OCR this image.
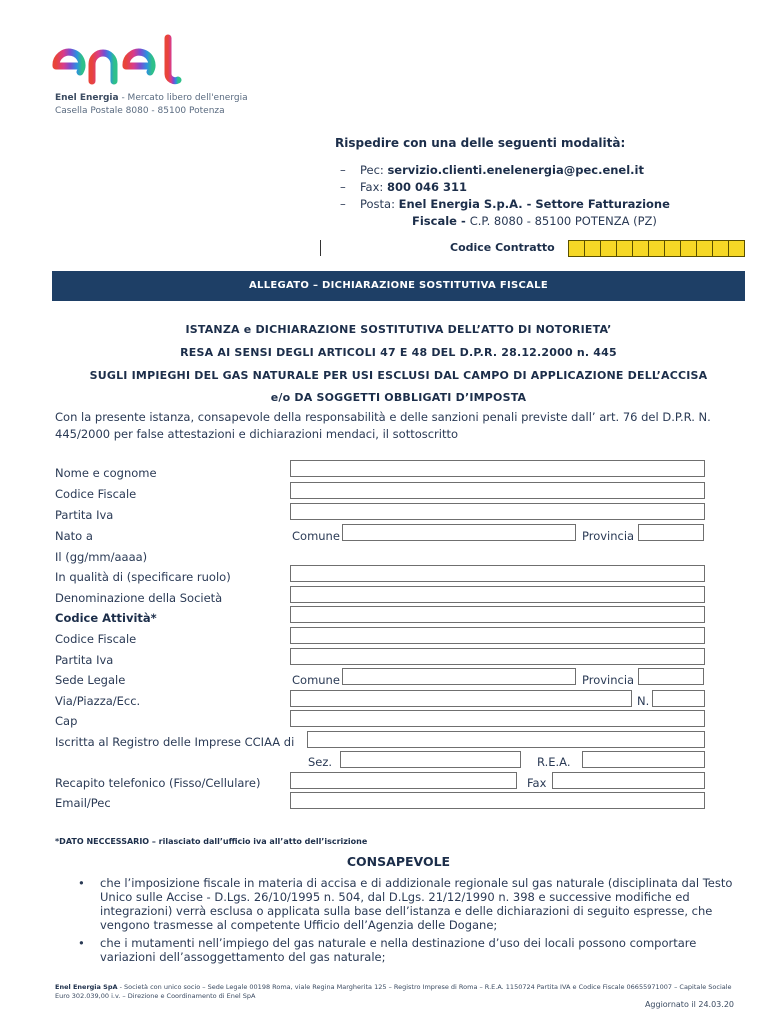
Enel Energia - Mercato libero dell'energia
Casella Postale 8080 - 85100 Potenza
Rispedire con una delle seguenti modalità:
– Pec: servizio.clienti.enelenergia@pec.enel.it
– Fax: 800 046 311
– Posta: Enel Energia S.p.A. - Settore Fatturazione
Fiscale - C.P. 8080 - 85100 POTENZA (PZ)
Codice Contratto
ALLEGATO – DICHIARAZIONE SOSTITUTIVA FISCALE
ISTANZA e DICHIARAZIONE SOSTITUTIVA DELL’ATTO DI NOTORIETA’
RESA AI SENSI DEGLI ARTICOLI 47 E 48 DEL D.P.R. 28.12.2000 n. 445
SUGLI IMPIEGHI DEL GAS NATURALE PER USI ESCLUSI DAL CAMPO DI APPLICAZIONE DELL’ACCISA
e/o DA SOGGETTI OBBLIGATI D’IMPOSTA
Con la presente istanza, consapevole della responsabilità e delle sanzioni penali previste dall’ art. 76 del D.P.R. N. 445/2000 per false attestazioni e dichiarazioni mendaci, il sottoscritto
Nome e cognome
Codice Fiscale
Partita Iva
Nato a	Comune	Provincia
Il (gg/mm/aaaa)
In qualità di (specificare ruolo)
Denominazione della Società
Codice Attività*
Codice Fiscale
Partita Iva
Sede Legale	Comune	Provincia
Via/Piazza/Ecc.	N.
Cap
Iscritta al Registro delle Imprese CCIAA di
Sez.	R.E.A.
Recapito telefonico (Fisso/Cellulare)	Fax
Email/Pec
*DATO NECCESSARIO – rilasciato dall’ufficio iva all’atto dell’iscrizione
CONSAPEVOLE
• che l’imposizione fiscale in materia di accisa e di addizionale regionale sul gas naturale (disciplinata dal Testo Unico sulle Accise - D.Lgs. 26/10/1995 n. 504, dal D.Lgs. 21/12/1990 n. 398 e successive modifiche ed integrazioni) verrà esclusa o applicata sulla base dell’istanza e delle dichiarazioni di seguito espresse, che vengono trasmesse al competente Ufficio dell’Agenzia delle Dogane;
• che i mutamenti nell’impiego del gas naturale e nella destinazione d’uso dei locali possono comportare variazioni dell’assoggettamento del gas naturale;
Enel Energia SpA - Società con unico socio – Sede Legale 00198 Roma, viale Regina Margherita 125 – Registro Imprese di Roma – R.E.A. 1150724 Partita IVA e Codice Fiscale 06655971007 – Capitale Sociale Euro 302.039,00 i.v. – Direzione e Coordinamento di Enel SpA
Aggiornato il 24.03.20
